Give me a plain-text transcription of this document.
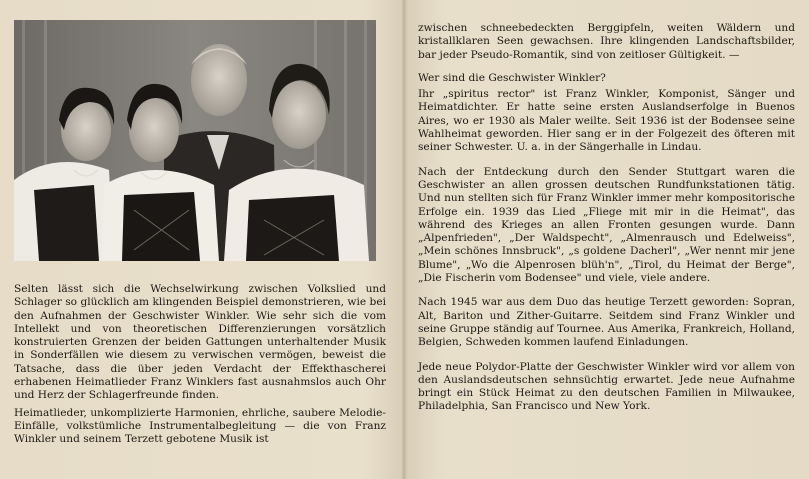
Selten lässt sich die Wechselwirkung zwischen Volkslied und Schlager so glücklich am klingenden Beispiel demonstrieren, wie bei den Aufnahmen der Geschwister Winkler. Wie sehr sich die vom Intellekt und von theoretischen Differenzierungen vorsätzlich konstruierten Grenzen der beiden Gattungen unterhaltender Musik in Sonderfällen wie diesem zu verwischen vermögen, beweist die Tatsache, dass die über jeden Verdacht der Effekthascherei erhabenen Heimatlieder Franz Winklers fast ausnahmslos auch Ohr und Herz der Schlagerfreunde finden.

Heimatlieder, unkomplizierte Harmonien, ehrliche, saubere Melodie-Einfälle, volkstümliche Instrumentalbegleitung — die von Franz Winkler und seinem Terzett gebotene Musik ist

zwischen schneebedeckten Berggipfeln, weiten Wäldern und kristallklaren Seen gewachsen. Ihre klingenden Landschaftsbilder, bar jeder Pseudo-Romantik, sind von zeitloser Gültigkeit. —

Wer sind die Geschwister Winkler?

Ihr „spiritus rector" ist Franz Winkler, Komponist, Sänger und Heimatdichter. Er hatte seine ersten Auslandserfolge in Buenos Aires, wo er 1930 als Maler weilte. Seit 1936 ist der Bodensee seine Wahlheimat geworden. Hier sang er in der Folgezeit des öfteren mit seiner Schwester. U. a. in der Sängerhalle in Lindau.

Nach der Entdeckung durch den Sender Stuttgart waren die Geschwister an allen grossen deutschen Rundfunkstationen tätig. Und nun stellten sich für Franz Winkler immer mehr kompositorische Erfolge ein. 1939 das Lied „Fliege mit mir in die Heimat", das während des Krieges an allen Fronten gesungen wurde. Dann „Alpenfrieden", „Der Waldspecht", „Almenrausch und Edelweiss", „Mein schönes Innsbruck", „s goldene Dacherl", „Wer nennt mir jene Blume", „Wo die Alpenrosen blüh'n", „Tirol, du Heimat der Berge", „Die Fischerin vom Bodensee" und viele, viele andere.

Nach 1945 war aus dem Duo das heutige Terzett geworden: Sopran, Alt, Bariton und Zither-Guitarre. Seitdem sind Franz Winkler und seine Gruppe ständig auf Tournee. Aus Amerika, Frankreich, Holland, Belgien, Schweden kommen laufend Einladungen.

Jede neue Polydor-Platte der Geschwister Winkler wird vor allem von den Auslandsdeutschen sehnsüchtig erwartet. Jede neue Aufnahme bringt ein Stück Heimat zu den deutschen Familien in Milwaukee, Philadelphia, San Francisco und New York.
